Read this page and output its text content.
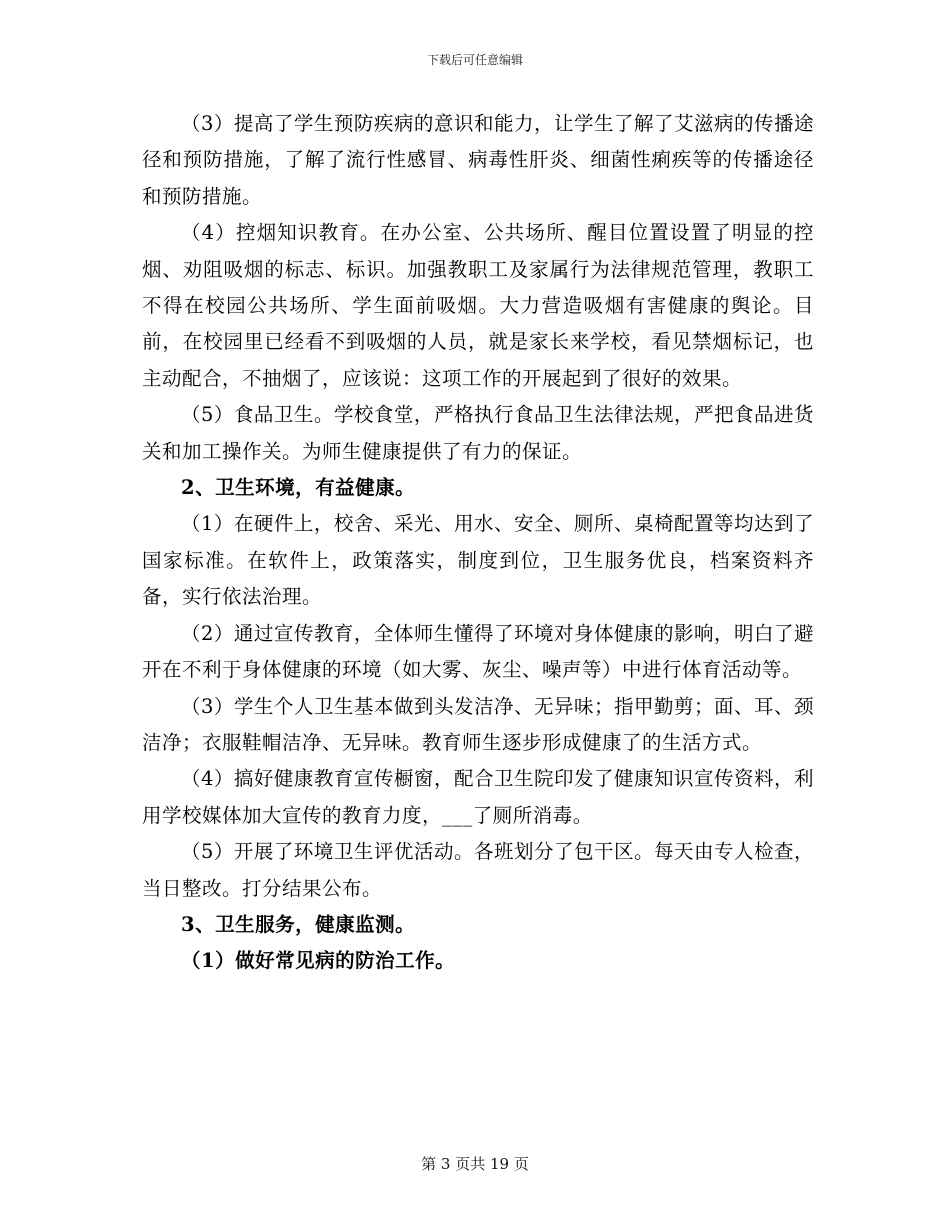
下载后可任意编辑

（3）提高了学生预防疾病的意识和能力，让学生了解了艾滋病的传播途径和预防措施，了解了流行性感冒、病毒性肝炎、细菌性痢疾等的传播途径和预防措施。

（4）控烟知识教育。在办公室、公共场所、醒目位置设置了明显的控烟、劝阻吸烟的标志、标识。加强教职工及家属行为法律规范管理，教职工不得在校园公共场所、学生面前吸烟。大力营造吸烟有害健康的舆论。目前，在校园里已经看不到吸烟的人员，就是家长来学校，看见禁烟标记，也主动配合，不抽烟了，应该说：这项工作的开展起到了很好的效果。

（5）食品卫生。学校食堂，严格执行食品卫生法律法规，严把食品进货关和加工操作关。为师生健康提供了有力的保证。

2、卫生环境，有益健康。

（1）在硬件上，校舍、采光、用水、安全、厕所、桌椅配置等均达到了国家标准。在软件上，政策落实，制度到位，卫生服务优良，档案资料齐备，实行依法治理。

（2）通过宣传教育，全体师生懂得了环境对身体健康的影响，明白了避开在不利于身体健康的环境（如大雾、灰尘、噪声等）中进行体育活动等。

（3）学生个人卫生基本做到头发洁净、无异味；指甲勤剪；面、耳、颈洁净；衣服鞋帽洁净、无异味。教育师生逐步形成健康了的生活方式。

（4）搞好健康教育宣传橱窗，配合卫生院印发了健康知识宣传资料，利用学校媒体加大宣传的教育力度，___了厕所消毒。

（5）开展了环境卫生评优活动。各班划分了包干区。每天由专人检查，当日整改。打分结果公布。

3、卫生服务，健康监测。

（1）做好常见病的防治工作。

第 3 页共 19 页
